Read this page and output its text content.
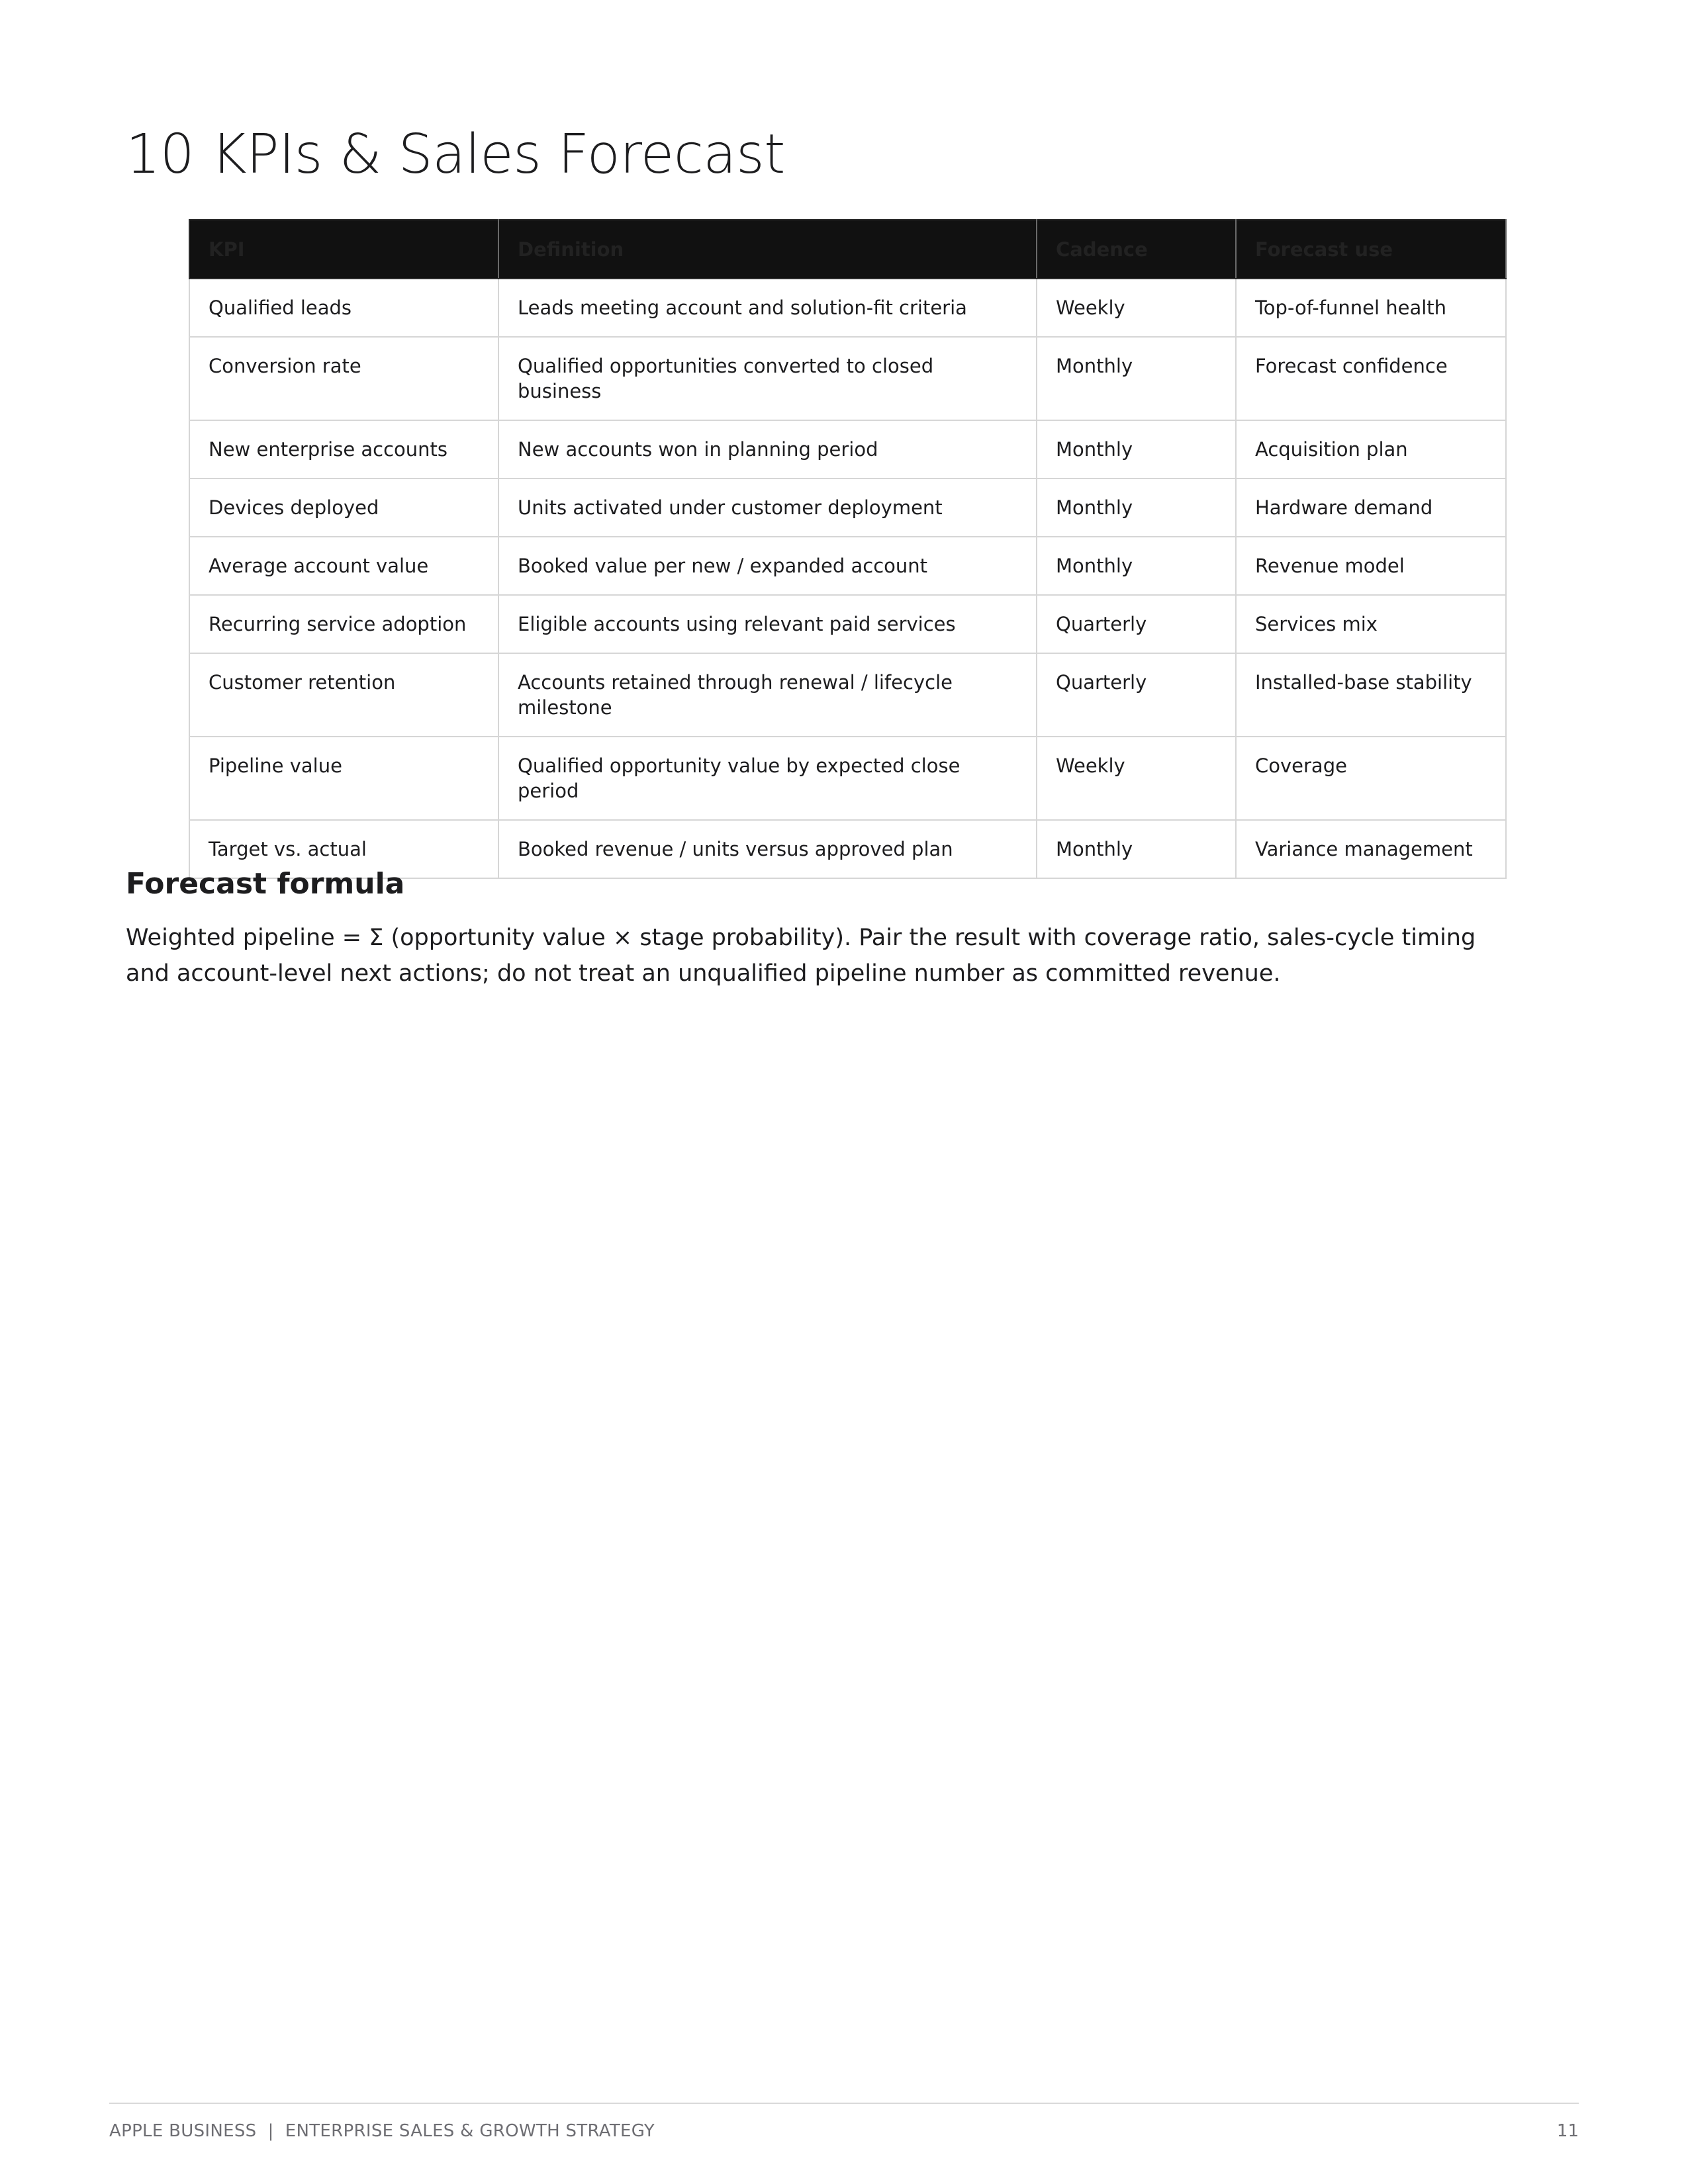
10 KPIs & Sales Forecast
KPI	Definition	Cadence	Forecast use
Qualified leads	Leads meeting account and solution-fit criteria	Weekly	Top-of-funnel health
Conversion rate	Qualified opportunities converted to closed business	Monthly	Forecast confidence
New enterprise accounts	New accounts won in planning period	Monthly	Acquisition plan
Devices deployed	Units activated under customer deployment	Monthly	Hardware demand
Average account value	Booked value per new / expanded account	Monthly	Revenue model
Recurring service adoption	Eligible accounts using relevant paid services	Quarterly	Services mix
Customer retention	Accounts retained through renewal / lifecycle milestone	Quarterly	Installed-base stability
Pipeline value	Qualified opportunity value by expected close period	Weekly	Coverage
Target vs. actual	Booked revenue / units versus approved plan	Monthly	Variance management
Forecast formula

Weighted pipeline = Σ (opportunity value × stage probability). Pair the result with coverage ratio, sales-cycle timing and account-level next actions; do not treat an unqualified pipeline number as committed revenue.

APPLE BUSINESS  |  ENTERPRISE SALES & GROWTH STRATEGY	11
